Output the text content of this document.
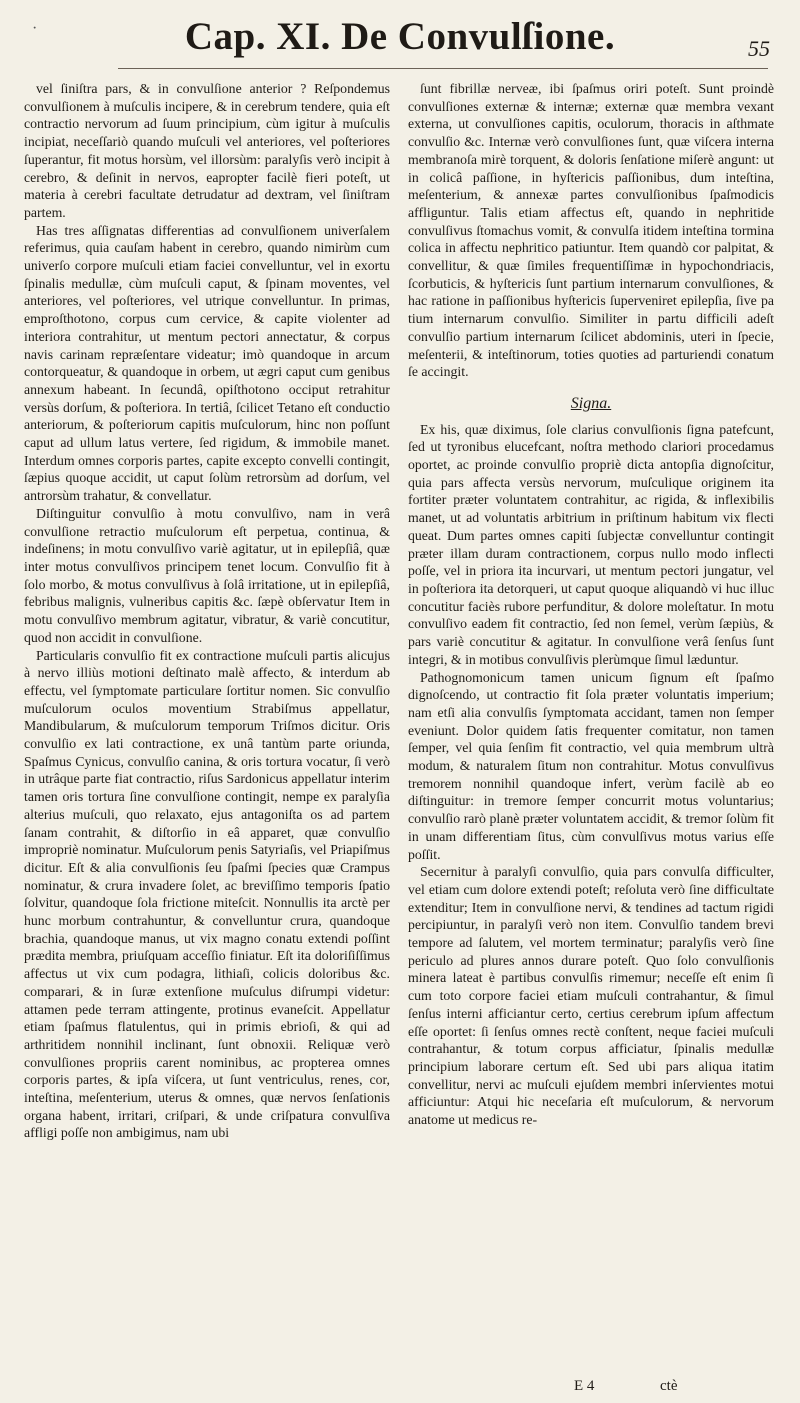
·	Cap. XI. De Convulſione.	55

vel ſiniſtra pars, & in convulſione anterior ? Reſpondemus convulſionem à muſculis incipere, & in cerebrum tendere, quia eſt contractio nervorum ad ſuum principium, cùm igitur à muſculis incipiat, neceſſariò quando muſculi vel anteriores, vel poſteriores ſuperantur, fit motus horsùm, vel illorsùm: paralyſis verò incipit à cerebro, & deſinit in nervos, eapropter facilè fieri poteſt, ut materia à cerebri facultate detrudatur ad dextram, vel ſiniſtram partem.

Has tres aſſignatas differentias ad convulſionem univerſalem referimus, quia cauſam habent in cerebro, quando nimirùm cum univerſo corpore muſculi etiam faciei convelluntur, vel in exortu ſpinalis medullæ, cùm muſculi caput, & ſpinam moventes, vel anteriores, vel poſteriores, vel utrique convelluntur. In primas, emproſthotono, corpus cum cervice, & capite violenter ad interiora contrahitur, ut mentum pectori annectatur, & corpus navis carinam repræſentare videatur; imò quandoque in arcum contorqueatur, & quandoque in orbem, ut ægri caput cum genibus annexum habeant. In ſecundâ, opiſthotono occiput retrahitur versùs dorſum, & poſteriora. In tertiâ, ſcilicet Tetano eſt conductio anteriorum, & poſteriorum capitis muſculorum, hinc non poſſunt caput ad ullum latus vertere, ſed rigidum, & immobile manet. Interdum omnes corporis partes, capite excepto convelli contingit, ſæpius quoque accidit, ut caput ſolùm retrorsùm ad dorſum, vel antrorsùm trahatur, & convellatur.

Diſtinguitur convulſio à motu convulſivo, nam in verâ convulſione retractio muſculorum eſt perpetua, continua, & indeſinens; in motu convulſivo variè agitatur, ut in epilepſiâ, quæ inter motus convulſivos principem tenet locum. Convulſio fit à ſolo morbo, & motus convulſivus à ſolâ irritatione, ut in epilepſiâ, febribus malignis, vulneribus capitis &c. ſæpè obſervatur Item in motu convulſivo membrum agitatur, vibratur, & variè concutitur, quod non accidit in convulſione.

Particularis convulſio fit ex contractione muſculi partis alicujus à nervo illiùs motioni deſtinato malè affecto, & interdum ab effectu, vel ſymptomate particulare ſortitur nomen. Sic convulſio muſculorum oculos moventium Strabiſmus appellatur, Mandibularum, & muſculorum temporum Triſmos dicitur. Oris convulſio ex lati contractione, ex unâ tantùm parte oriunda, Spaſmus Cynicus, convulſio canina, & oris tortura vocatur, ſi verò in utrâque parte fiat contractio, riſus Sardonicus appellatur interim tamen oris tortura ſine convulſione contingit, nempe ex paralyſia alterius muſculi, quo relaxato, ejus antagoniſta os ad partem ſanam contrahit, & diſtorſio in eâ apparet, quæ convulſio impropriè nominatur. Muſculorum penis Satyriaſis, vel Priapiſmus dicitur. Eſt & alia convulſionis ſeu ſpaſmi ſpecies quæ Crampus nominatur, & crura invadere ſolet, ac breviſſimo temporis ſpatio ſolvitur, quandoque ſola frictione miteſcit. Nonnullis ita arctè per hunc morbum contrahuntur, & convelluntur crura, quandoque brachia, quandoque manus, ut vix magno conatu extendi poſſint prædita membra, priuſquam acceſſio finiatur. Eſt ita doloriſiſſimus affectus ut vix cum podagra, lithiaſi, colicis doloribus &c. comparari, & in ſuræ extenſione muſculus diſrumpi videtur: attamen pede terram attingente, protinus evaneſcit. Appellatur etiam ſpaſmus flatulentus, qui in primis ebrioſi, & qui ad arthritidem nonnihil inclinant, ſunt obnoxii. Reliquæ verò convulſiones propriis carent nominibus, ac propterea omnes corporis partes, & ipſa viſcera, ut ſunt ventriculus, renes, cor, inteſtina, meſenterium, uterus & omnes, quæ nervos ſenſationis organa habent, irritari, criſpari, & unde criſpatura convulſiva affligi poſſe non ambigimus, nam ubi

ſunt fibrillæ nerveæ, ibi ſpaſmus oriri poteſt. Sunt proindè convulſiones externæ & internæ; externæ quæ membra vexant externa, ut convulſiones capitis, oculorum, thoracis in aſthmate convulſio &c. Internæ verò convulſiones ſunt, quæ viſcera interna membranoſa mirè torquent, & doloris ſenſatione miſerè angunt: ut in colicâ paſſione, in hyſtericis paſſionibus, dum inteſtina, meſenterium, & annexæ partes convulſionibus ſpaſmodicis affliguntur. Talis etiam affectus eſt, quando in nephritide convulſivus ſtomachus vomit, & convulſa itidem inteſtina tormina colica in affectu nephritico patiuntur. Item quandò cor palpitat, & convellitur, & quæ ſimiles frequentiſſimæ in hypochondriacis, ſcorbuticis, & hyſtericis ſunt partium internarum convulſiones, & hac ratione in paſſionibus hyſtericis ſuperveniret epilepſia, ſive pa tium internarum convulſio. Similiter in partu difficili adeſt convulſio partium internarum ſcilicet abdominis, uteri in ſpecie, meſenterii, & inteſtinorum, toties quoties ad parturiendi conatum ſe accingit.

Signa.

Ex his, quæ diximus, ſole clarius convulſionis ſigna patefcunt, ſed ut tyronibus elucefcant, noſtra methodo clariori procedamus oportet, ac proinde convulſio propriè dicta antopſia dignoſcitur, quia pars affecta versùs nervorum, muſculique originem ita fortiter præter voluntatem contrahitur, ac rigida, & inflexibilis manet, ut ad voluntatis arbitrium in priſtinum habitum vix flecti queat. Dum partes omnes capiti ſubjectæ convelluntur contingit præter illam duram contractionem, corpus nullo modo inflecti poſſe, vel in priora ita incurvari, ut mentum pectori jungatur, vel in poſteriora ita detorqueri, ut caput quoque aliquandò vi huc illuc concutitur faciès rubore perfunditur, & dolore moleſtatur. In motu convulſivo eadem fit contractio, ſed non ſemel, verùm ſæpiùs, & pars variè concutitur & agitatur. In convulſione verâ ſenſus ſunt integri, & in motibus convulſivis plerùmque ſimul læduntur.

Pathognomonicum tamen unicum ſignum eſt ſpaſmo dignoſcendo, ut contractio fit ſola præter voluntatis imperium; nam etſi alia convulſis ſymptomata accidant, tamen non ſemper eveniunt. Dolor quidem ſatis frequenter comitatur, non tamen ſemper, vel quia ſenſim fit contractio, vel quia membrum ultrà modum, & naturalem ſitum non contrahitur. Motus convulſivus tremorem nonnihil quandoque infert, verùm facilè ab eo diſtinguitur: in tremore ſemper concurrit motus voluntarius; convulſio rarò planè præter voluntatem accidit, & tremor ſolùm fit in unam differentiam ſitus, cùm convulſivus motus varius eſſe poſſit.

Secernitur à paralyſi convulſio, quia pars convulſa difficulter, vel etiam cum dolore extendi poteſt; reſoluta verò ſine difficultate extenditur; Item in convulſione nervi, & tendines ad tactum rigidi percipiuntur, in paralyſi verò non item. Convulſio tandem brevi tempore ad ſalutem, vel mortem terminatur; paralyſis verò ſine periculo ad plures annos durare poteſt. Quo ſolo convulſionis minera lateat è partibus convulſis rimemur; neceſſe eſt enim ſi cum toto corpore faciei etiam muſculi contrahantur, & ſimul ſenſus interni afficiantur certo, certius cerebrum ipſum affectum eſſe oportet: ſi ſenſus omnes rectè conſtent, neque faciei muſculi contrahantur, & totum corpus afficiatur, ſpinalis medullæ principium laborare certum eſt. Sed ubi pars aliqua itatim convellitur, nervi ac muſculi ejuſdem membri inſervientes motui afficiuntur: Atqui hic neceſaria eſt muſculorum, & nervorum anatome ut medicus re-

E 4	ctè
